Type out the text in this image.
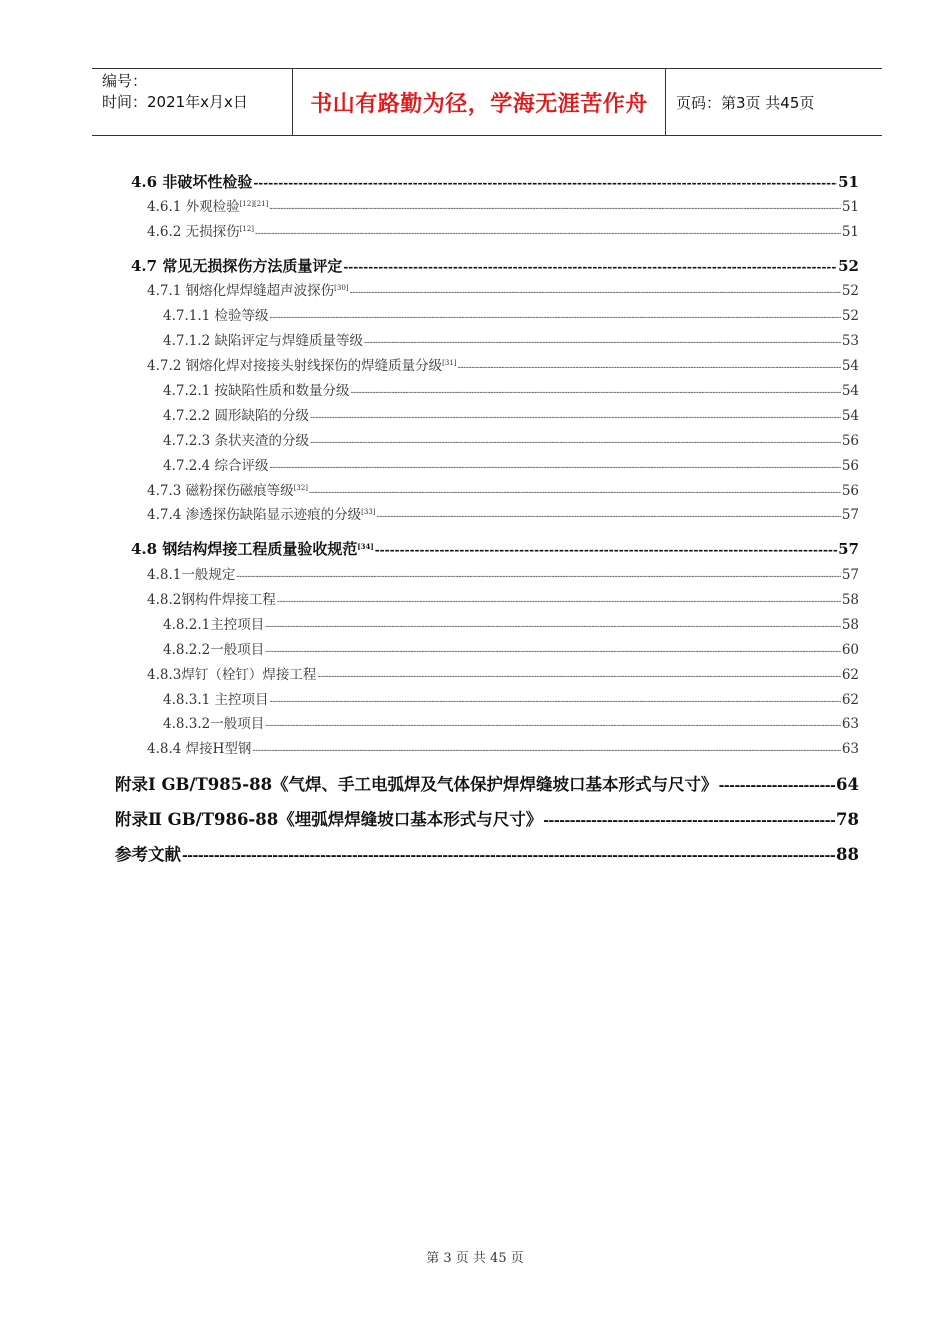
编号：
时间：2021年x月x日	书山有路勤为径，学海无涯苦作舟	页码：第3页 共45页
4.6 非破坏性检验 -----	51
4.6.1 外观检验[12][21] -----	51
4.6.2 无损探伤[12] -----	51
4.7 常见无损探伤方法质量评定 -----	52
4.7.1 钢熔化焊焊缝超声波探伤[30] -----	52
4.7.1.1 检验等级 -----	52
4.7.1.2 缺陷评定与焊缝质量等级 -----	53
4.7.2 钢熔化焊对接接头射线探伤的焊缝质量分级[31] -----	54
4.7.2.1 按缺陷性质和数量分级 -----	54
4.7.2.2 圆形缺陷的分级 -----	54
4.7.2.3 条状夹渣的分级 -----	56
4.7.2.4 综合评级 -----	56
4.7.3 磁粉探伤磁痕等级[32] -----	56
4.7.4 渗透探伤缺陷显示迹痕的分级[33] -----	57
4.8 钢结构焊接工程质量验收规范[34] -----	57
4.8.1一般规定 -----	57
4.8.2钢构件焊接工程 -----	58
4.8.2.1主控项目 -----	58
4.8.2.2一般项目 -----	60
4.8.3焊钉（栓钉）焊接工程 -----	62
4.8.3.1 主控项目 -----	62
4.8.3.2一般项目 -----	63
4.8.4 焊接H型钢 -----	63
附录Ⅰ GB/T985-88《气焊、手工电弧焊及气体保护焊焊缝坡口基本形式与尺寸》 -----	64
附录Ⅱ GB/T986-88《埋弧焊焊缝坡口基本形式与尺寸》 -----	78
参考文献 -----	88
第 3 页 共 45 页
